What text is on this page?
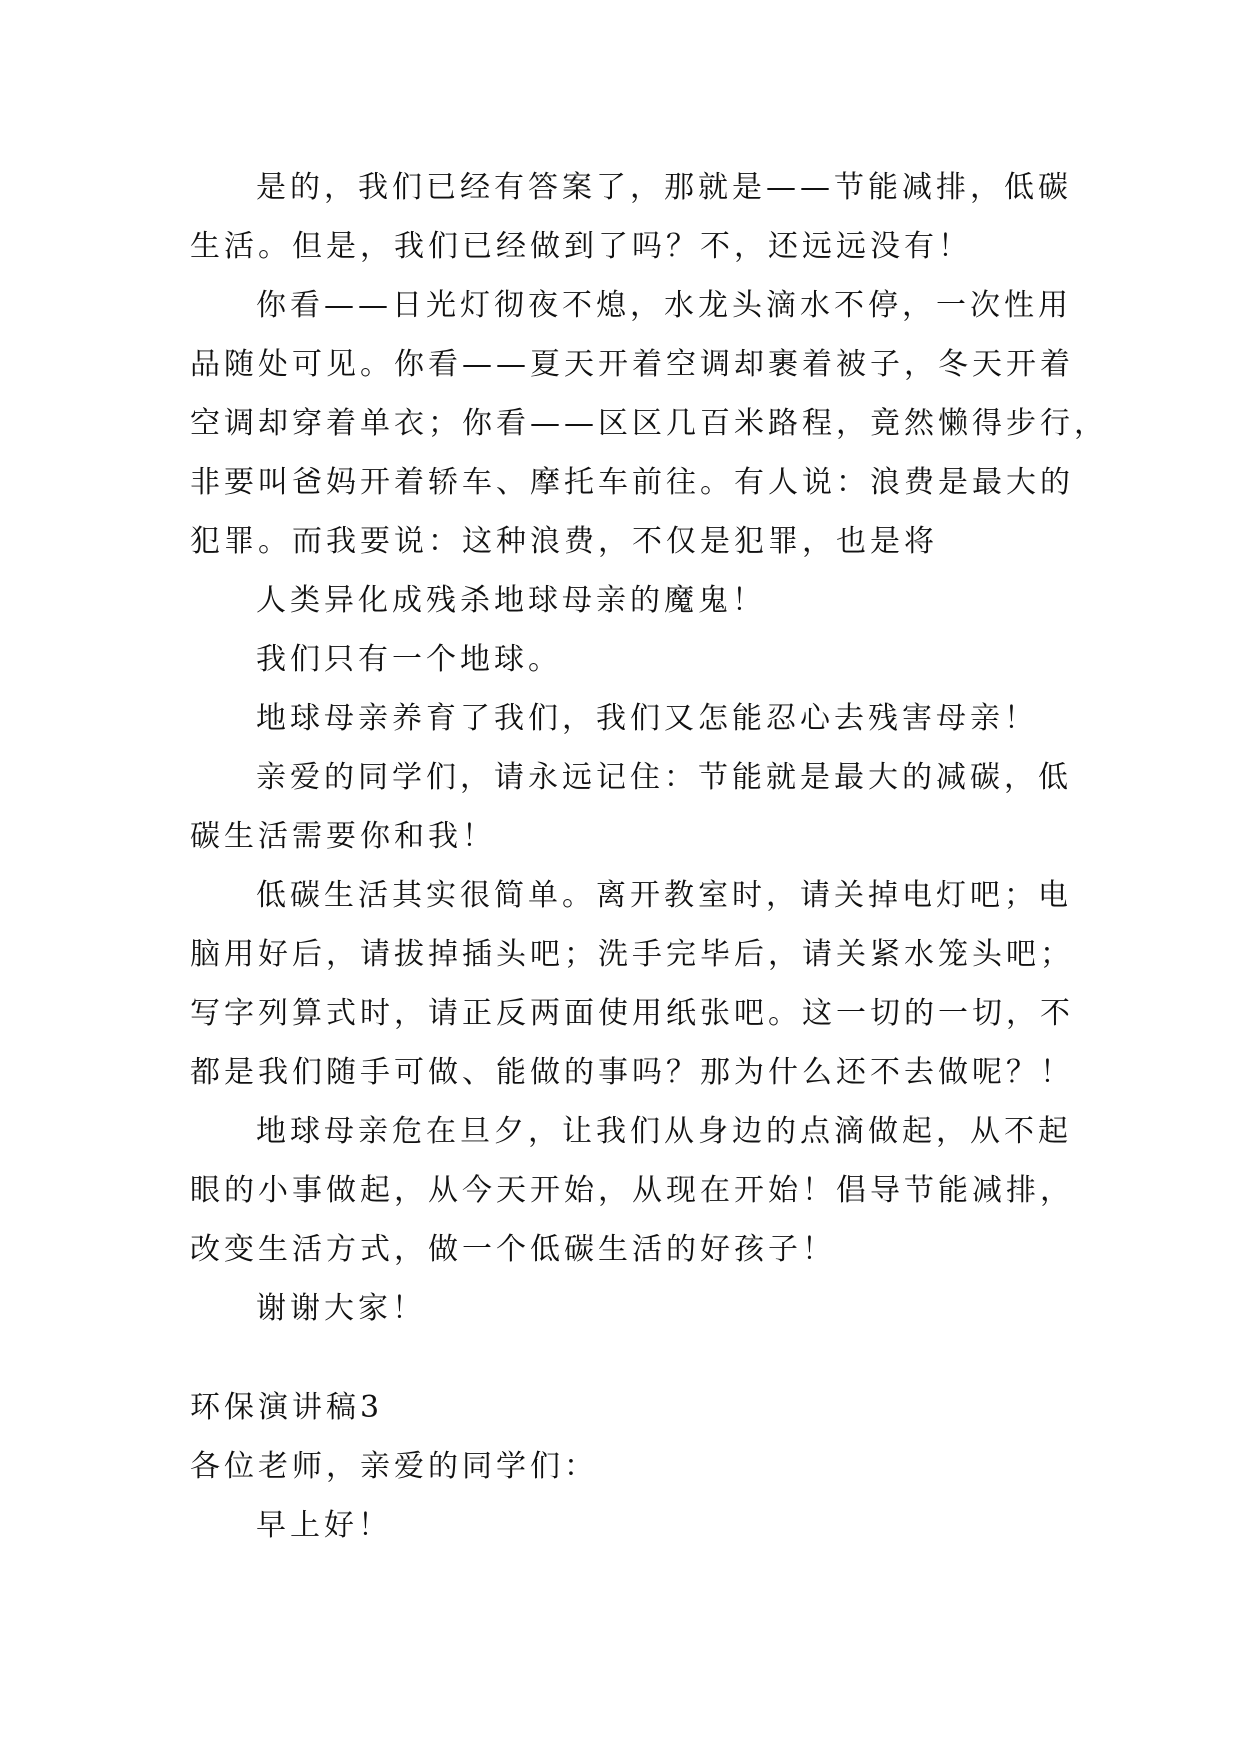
是的，我们已经有答案了，那就是——节能减排，低碳
生活。但是，我们已经做到了吗？不，还远远没有！
你看——日光灯彻夜不熄，水龙头滴水不停，一次性用
品随处可见。你看——夏天开着空调却裹着被子，冬天开着
空调却穿着单衣；你看——区区几百米路程，竟然懒得步行，
非要叫爸妈开着轿车、摩托车前往。有人说：浪费是最大的
犯罪。而我要说：这种浪费，不仅是犯罪，也是将
人类异化成残杀地球母亲的魔鬼！
我们只有一个地球。
地球母亲养育了我们，我们又怎能忍心去残害母亲！
亲爱的同学们，请永远记住：节能就是最大的减碳，低
碳生活需要你和我！
低碳生活其实很简单。离开教室时，请关掉电灯吧；电
脑用好后，请拔掉插头吧；洗手完毕后，请关紧水笼头吧；
写字列算式时，请正反两面使用纸张吧。这一切的一切，不
都是我们随手可做、能做的事吗？那为什么还不去做呢？！
地球母亲危在旦夕，让我们从身边的点滴做起，从不起
眼的小事做起，从今天开始，从现在开始！倡导节能减排，
改变生活方式，做一个低碳生活的好孩子！
谢谢大家！
环保演讲稿3
各位老师，亲爱的同学们：
早上好！
